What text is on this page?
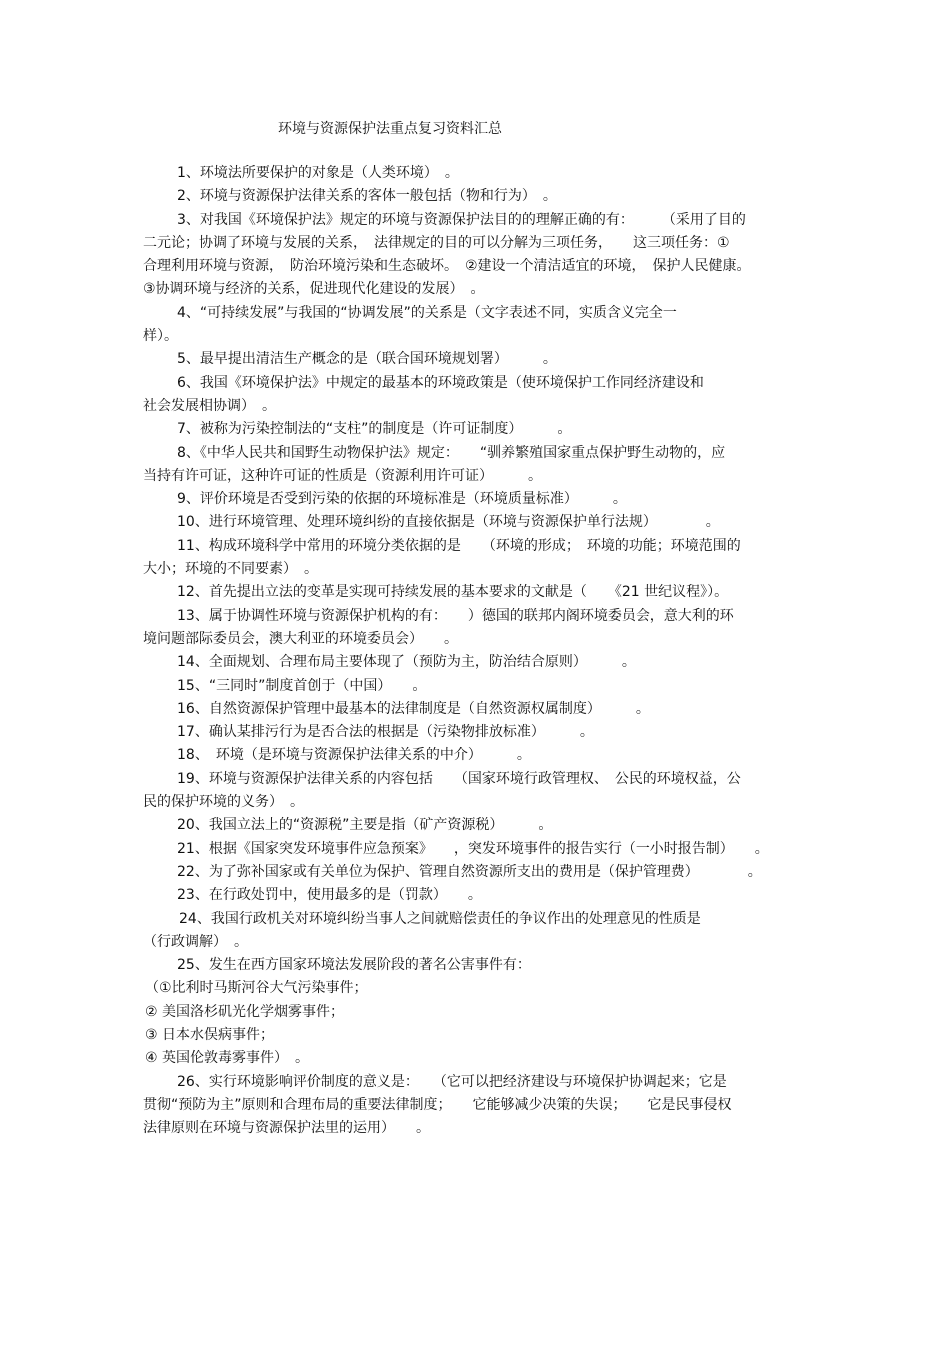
环境与资源保护法重点复习资料汇总
1、环境法所要保护的对象是（人类环境）　。
2、环境与资源保护法律关系的客体一般包括（物和行为）　。
3、对我国《环境保护法》规定的环境与资源保护法目的的理解正确的有：　　　（采用了目的
二元论；协调了环境与发展的关系，　法律规定的目的可以分解为三项任务，　　这三项任务：①
合理利用环境与资源，　防治环境污染和生态破坏。　②建设一个清洁适宜的环境，　保护人民健康。
③协调环境与经济的关系，促进现代化建设的发展）　。
4、“可持续发展”与我国的“协调发展”的关系是（文字表述不同，实质含义完全一
样）。
5、最早提出清洁生产概念的是（联合国环境规划署）　　　。
6、我国《环境保护法》中规定的最基本的环境政策是（使环境保护工作同经济建设和
社会发展相协调）　。
7、被称为污染控制法的“支柱”的制度是（许可证制度）　　　。
8、《中华人民共和国野生动物保护法》规定：　　“驯养繁殖国家重点保护野生动物的，应
当持有许可证，这种许可证的性质是（资源利用许可证）　　　。
9、评价环境是否受到污染的依据的环境标准是（环境质量标准）　　　。
10、进行环境管理、处理环境纠纷的直接依据是（环境与资源保护单行法规）　　　　。
11、构成环境科学中常用的环境分类依据的是　　（环境的形成；　环境的功能；环境范围的
大小；环境的不同要素）　。
12、首先提出立法的变革是实现可持续发展的基本要求的文献是（　　《21 世纪议程》）。
13、属于协调性环境与资源保护机构的有：　　）德国的联邦内阁环境委员会，意大利的环
境问题部际委员会，澳大利亚的环境委员会）　　。
14、全面规划、合理布局主要体现了（预防为主，防治结合原则）　　　。
15、“三同时”制度首创于（中国）　　。
16、自然资源保护管理中最基本的法律制度是（自然资源权属制度）　　　。
17、确认某排污行为是否合法的根据是（污染物排放标准）　　　。
18、　环境（是环境与资源保护法律关系的中介）　　　。
19、环境与资源保护法律关系的内容包括　　（国家环境行政管理权、　公民的环境权益，公
民的保护环境的义务）　。
20、我国立法上的“资源税”主要是指（矿产资源税）　　　。
21、根据《国家突发环境事件应急预案》　　，突发环境事件的报告实行（一小时报告制）　　。
22、为了弥补国家或有关单位为保护、管理自然资源所支出的费用是（保护管理费）　　　　。
23、在行政处罚中，使用最多的是（罚款）　　。
24、我国行政机关对环境纠纷当事人之间就赔偿责任的争议作出的处理意见的性质是
（行政调解）　。
25、发生在西方国家环境法发展阶段的著名公害事件有：
（①比利时马斯河谷大气污染事件；
② 美国洛杉矶光化学烟雾事件；
③ 日本水俣病事件；
④ 英国伦敦毒雾事件）　。
26、实行环境影响评价制度的意义是：　　（它可以把经济建设与环境保护协调起来；它是
贯彻“预防为主”原则和合理布局的重要法律制度；　　它能够减少决策的失误；　　它是民事侵权
法律原则在环境与资源保护法里的运用）　　。
